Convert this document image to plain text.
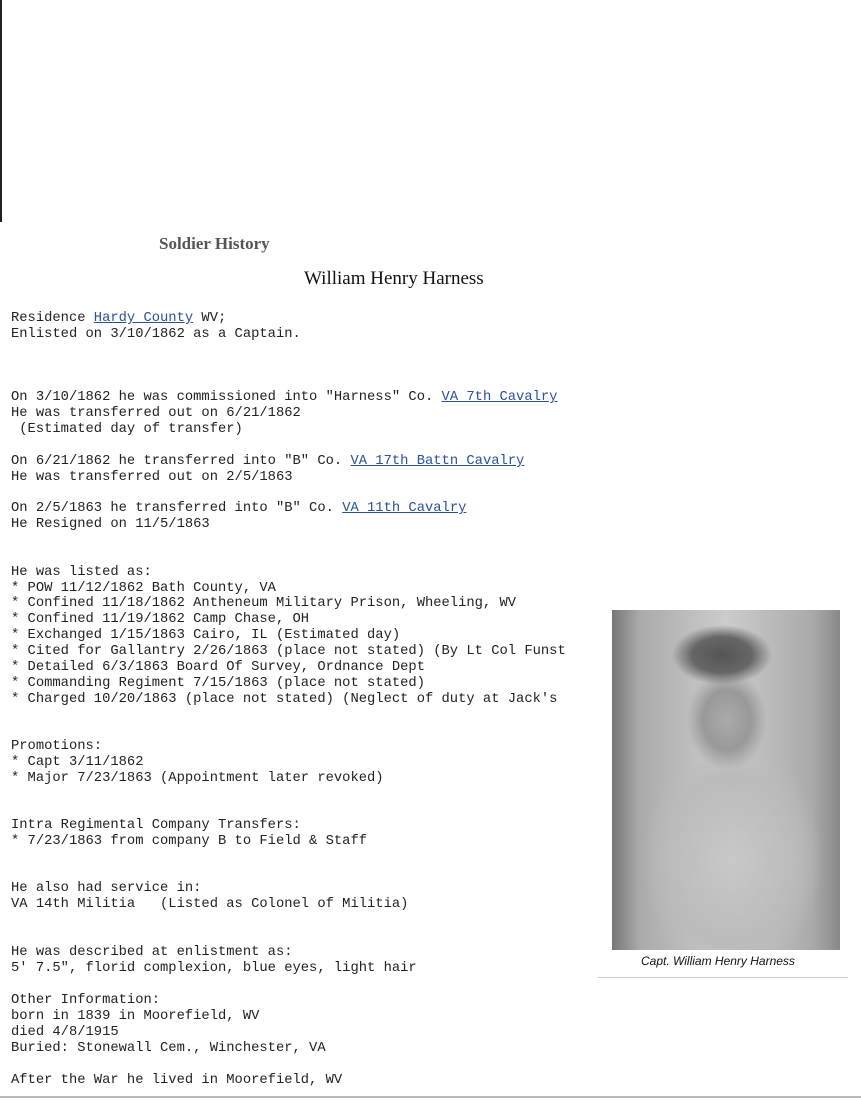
Soldier History
William Henry Harness
Residence Hardy County WV;
Enlisted on 3/10/1862 as a Captain.
On 3/10/1862 he was commissioned into "Harness" Co. VA 7th Cavalry
He was transferred out on 6/21/1862
(Estimated day of transfer)
On 6/21/1862 he transferred into "B" Co. VA 17th Battn Cavalry
He was transferred out on 2/5/1863
On 2/5/1863 he transferred into "B" Co. VA 11th Cavalry
He Resigned on 11/5/1863
He was listed as:
* POW 11/12/1862 Bath County, VA
* Confined 11/18/1862 Antheneum Military Prison, Wheeling, WV
* Confined 11/19/1862 Camp Chase, OH
* Exchanged 1/15/1863 Cairo, IL (Estimated day)
* Cited for Gallantry 2/26/1863 (place not stated) (By Lt Col Funst
* Detailed 6/3/1863 Board Of Survey, Ordnance Dept
* Commanding Regiment 7/15/1863 (place not stated)
* Charged 10/20/1863 (place not stated) (Neglect of duty at Jack's
Promotions:
* Capt 3/11/1862
* Major 7/23/1863 (Appointment later revoked)
Intra Regimental Company Transfers:
* 7/23/1863 from company B to Field & Staff
He also had service in:
VA 14th Militia   (Listed as Colonel of Militia)
He was described at enlistment as:
5' 7.5", florid complexion, blue eyes, light hair
Other Information:
born in 1839 in Moorefield, WV
died 4/8/1915
Buried: Stonewall Cem., Winchester, VA
After the War he lived in Moorefield, WV
Capt. William Henry Harness
